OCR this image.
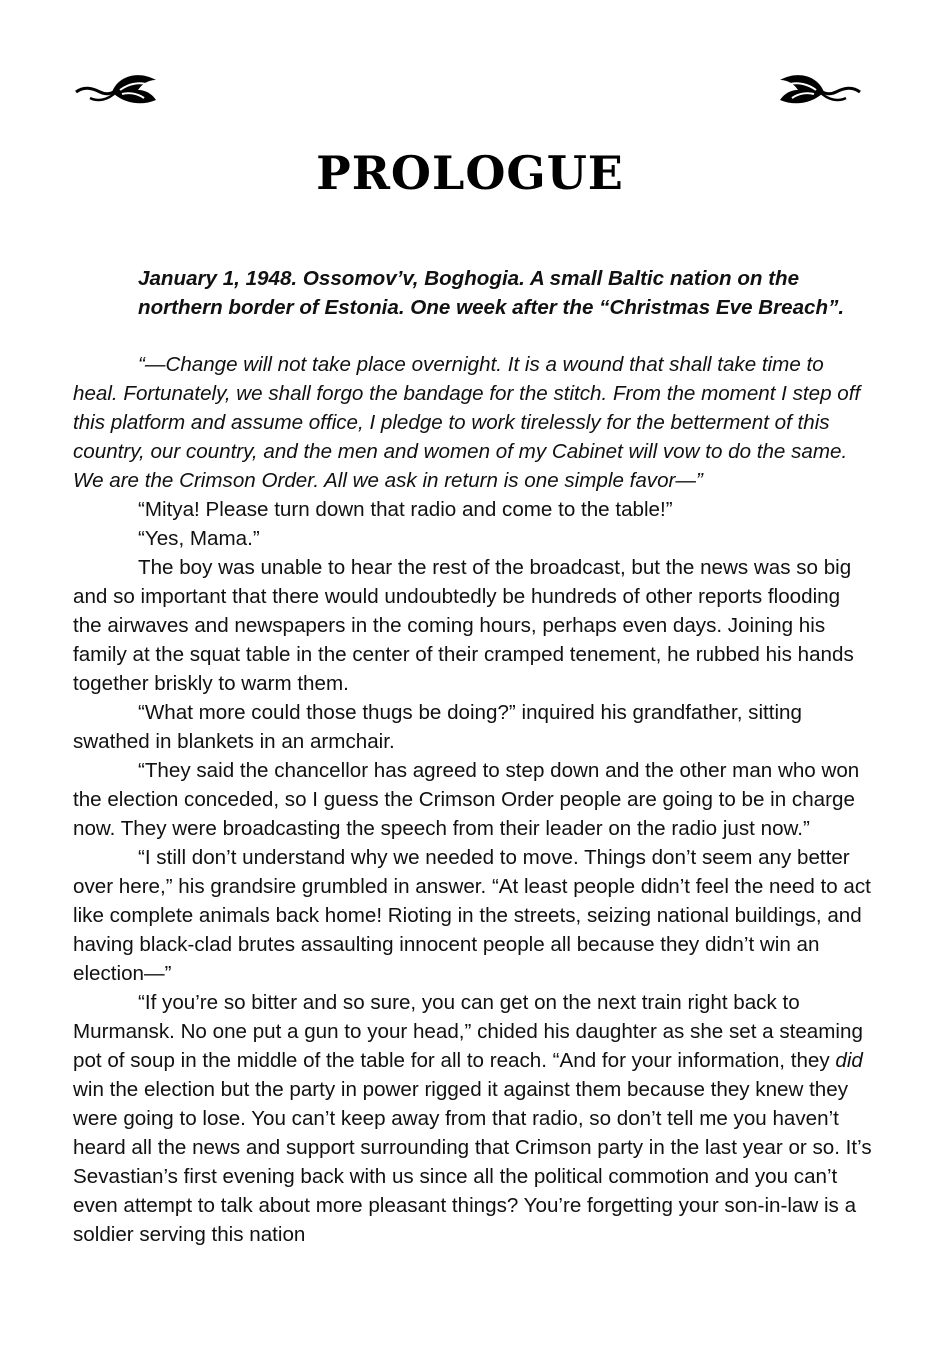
PROLOGUE

January 1, 1948. Ossomov’v, Boghogia. A small Baltic nation on the northern border of Estonia. One week after the “Christmas Eve Breach”.

“—Change will not take place overnight. It is a wound that shall take time to heal. Fortunately, we shall forgo the bandage for the stitch. From the moment I step off this platform and assume office, I pledge to work tirelessly for the betterment of this country, our country, and the men and women of my Cabinet will vow to do the same. We are the Crimson Order. All we ask in return is one simple favor—”

“Mitya! Please turn down that radio and come to the table!”

“Yes, Mama.”

The boy was unable to hear the rest of the broadcast, but the news was so big and so important that there would undoubtedly be hundreds of other reports flooding the airwaves and newspapers in the coming hours, perhaps even days. Joining his family at the squat table in the center of their cramped tenement, he rubbed his hands together briskly to warm them.

“What more could those thugs be doing?” inquired his grandfather, sitting swathed in blankets in an armchair.

“They said the chancellor has agreed to step down and the other man who won the election conceded, so I guess the Crimson Order people are going to be in charge now. They were broadcasting the speech from their leader on the radio just now.”

“I still don’t understand why we needed to move. Things don’t seem any better over here,” his grandsire grumbled in answer. “At least people didn’t feel the need to act like complete animals back home! Rioting in the streets, seizing national buildings, and having black-clad brutes assaulting innocent people all because they didn’t win an election—”

“If you’re so bitter and so sure, you can get on the next train right back to Murmansk. No one put a gun to your head,” chided his daughter as she set a steaming pot of soup in the middle of the table for all to reach. “And for your information, they did win the election but the party in power rigged it against them because they knew they were going to lose. You can’t keep away from that radio, so don’t tell me you haven’t heard all the news and support surrounding that Crimson party in the last year or so. It’s Sevastian’s first evening back with us since all the political commotion and you can’t even attempt to talk about more pleasant things? You’re forgetting your son-in-law is a soldier serving this nation
